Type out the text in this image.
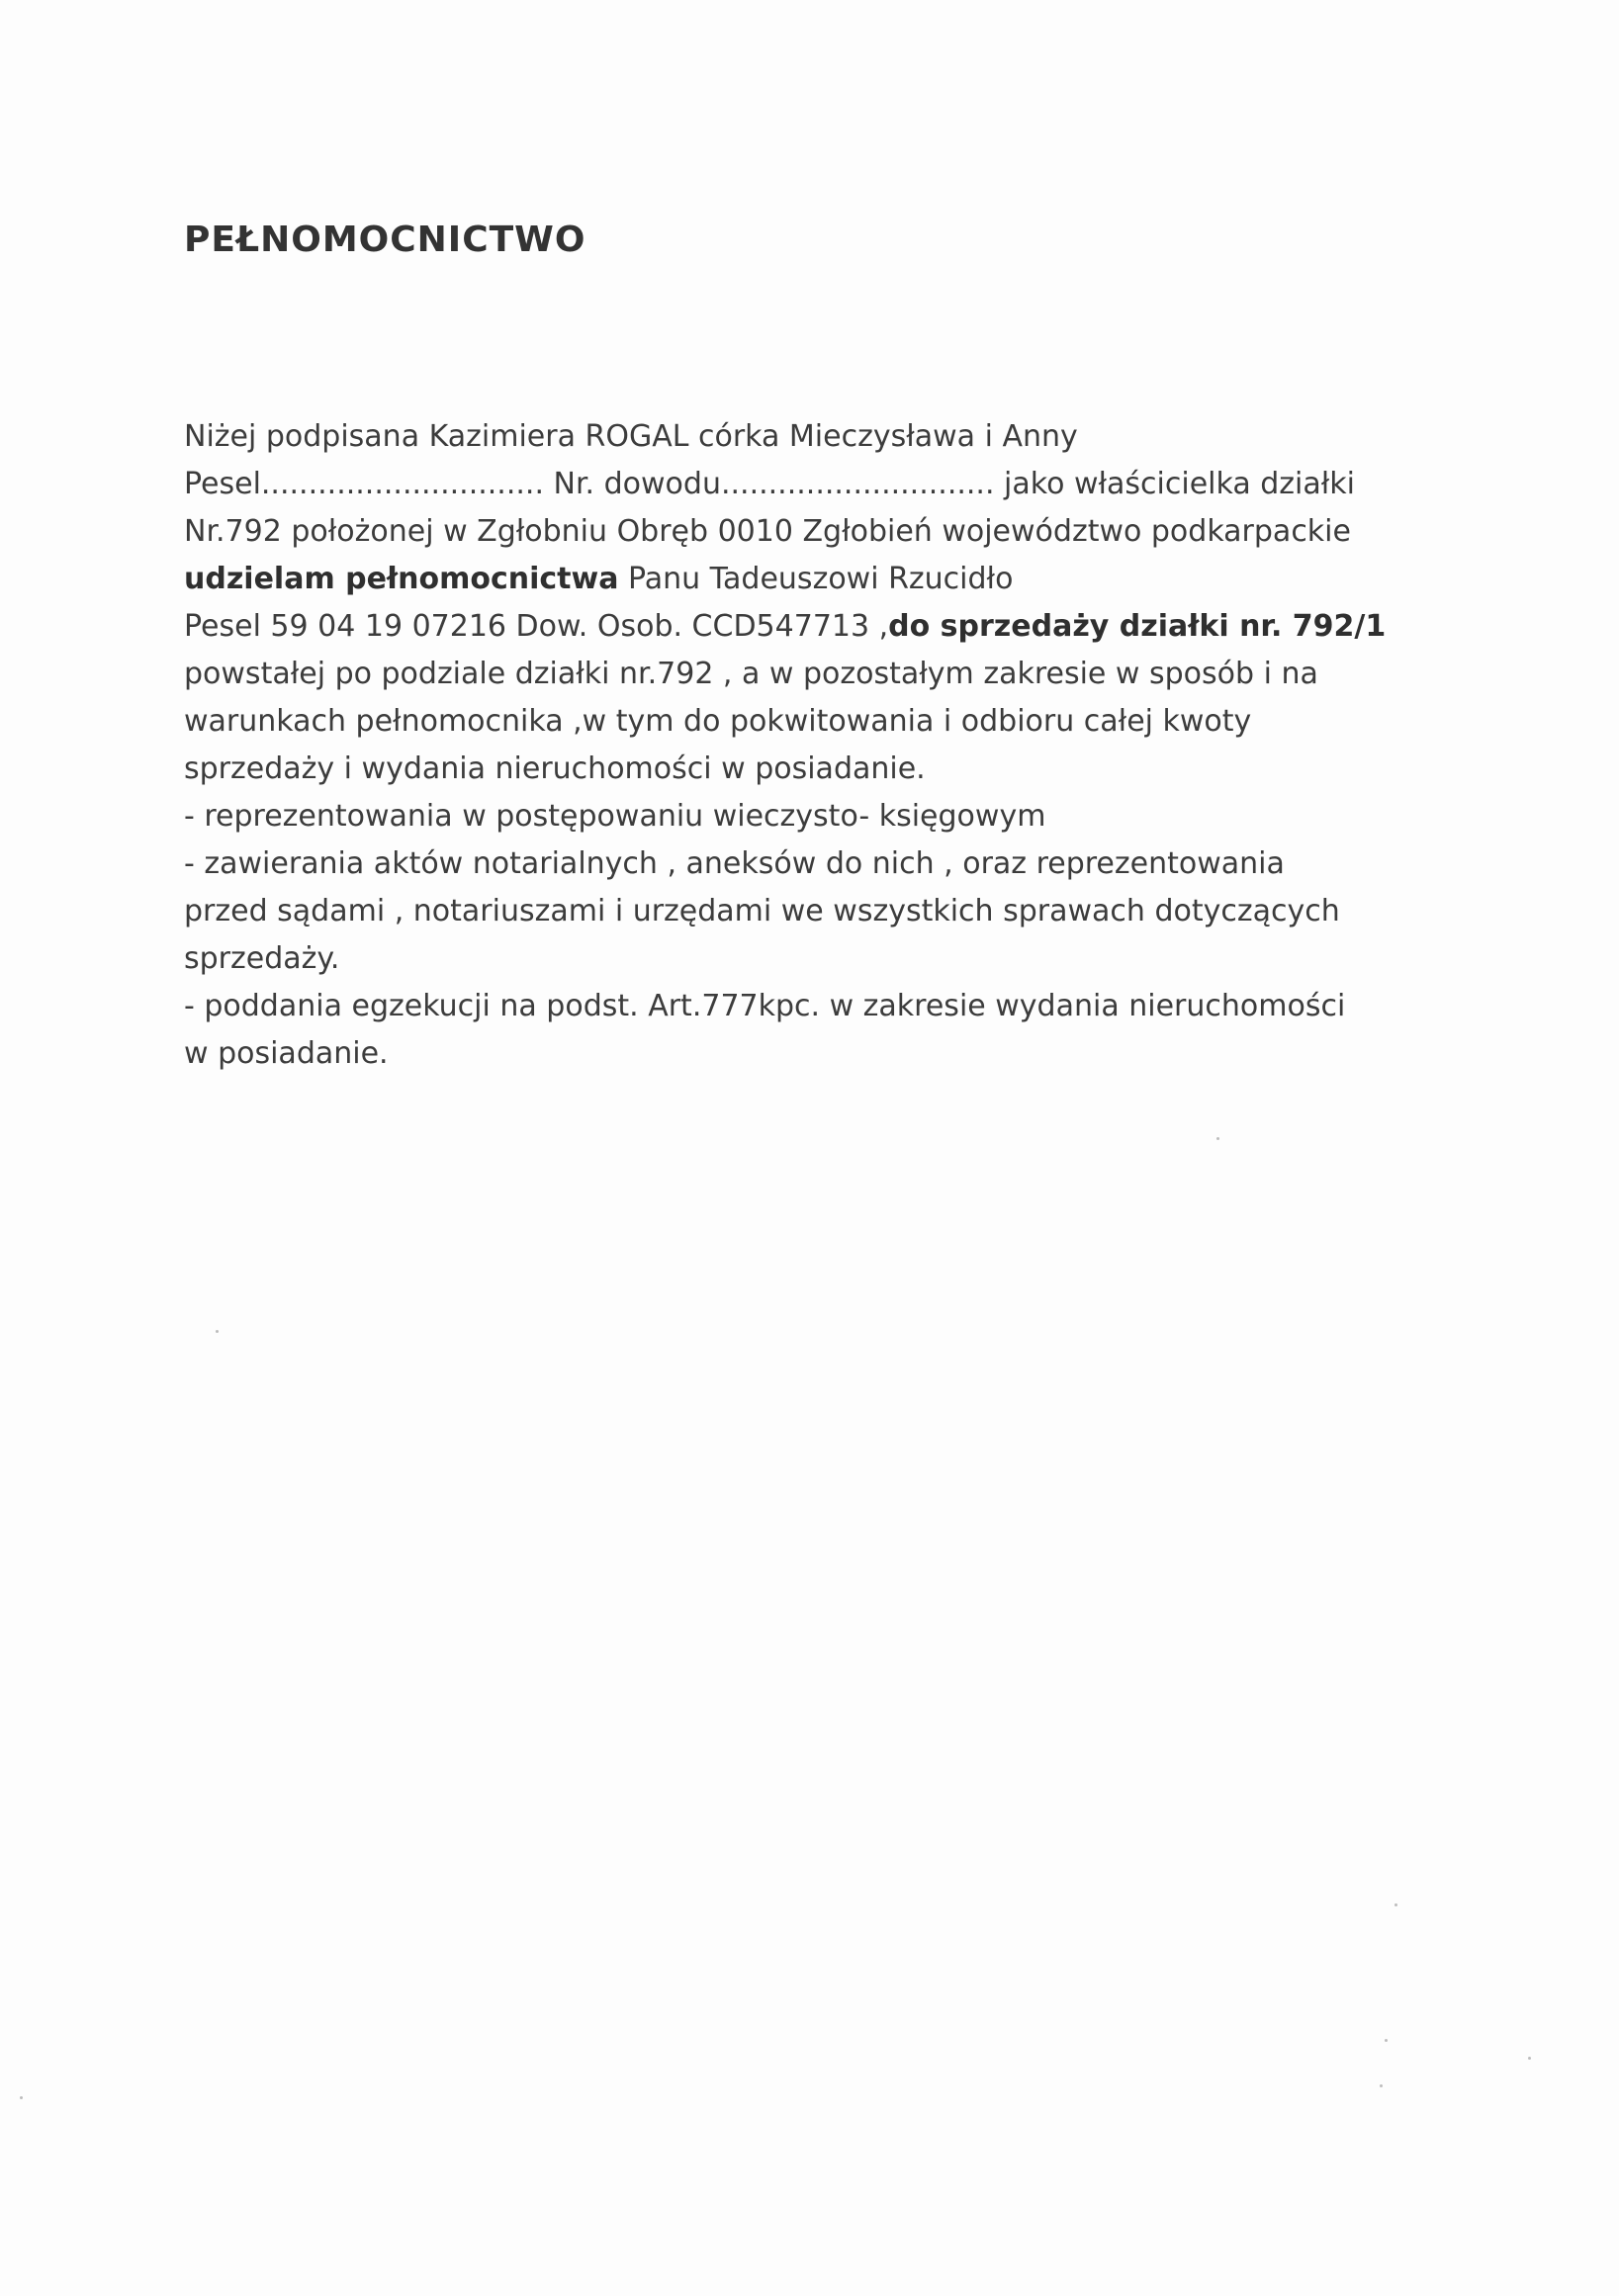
PEŁNOMOCNICTWO
Niżej podpisana Kazimiera ROGAL córka Mieczysława i Anny
Pesel.............................. Nr. dowodu............................. jako właścicielka działki
Nr.792 położonej w Zgłobniu Obręb 0010 Zgłobień województwo podkarpackie
udzielam pełnomocnictwa Panu Tadeuszowi Rzucidło
Pesel 59 04 19 07216 Dow. Osob. CCD547713 ,do sprzedaży działki nr. 792/1
powstałej po podziale działki nr.792 , a w pozostałym zakresie w sposób i na
warunkach pełnomocnika ,w tym do pokwitowania i odbioru całej kwoty
sprzedaży i wydania nieruchomości w posiadanie.
- reprezentowania w postępowaniu wieczysto- księgowym
- zawierania aktów notarialnych , aneksów do nich , oraz reprezentowania
przed sądami , notariuszami i urzędami we wszystkich sprawach dotyczących
sprzedaży.
- poddania egzekucji na podst. Art.777kpc. w zakresie wydania nieruchomości
w posiadanie.
